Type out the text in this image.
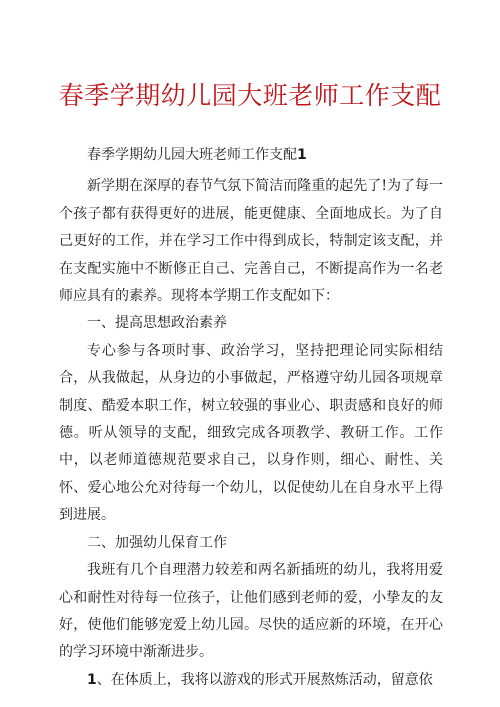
春季学期幼儿园大班老师工作支配

春季学期幼儿园大班老师工作支配1

新学期在深厚的春节气氛下简洁而隆重的起先了!为了每一个孩子都有获得更好的进展，能更健康、全面地成长。为了自己更好的工作，并在学习工作中得到成长，特制定该支配，并在支配实施中不断修正自己、完善自己，不断提高作为一名老师应具有的素养。现将本学期工作支配如下：

一、提高思想政治素养

专心参与各项时事、政治学习，坚持把理论同实际相结合，从我做起，从身边的小事做起，严格遵守幼儿园各项规章制度、酷爱本职工作，树立较强的事业心、职责感和良好的师德。听从领导的支配，细致完成各项教学、教研工作。工作中，以老师道德规范要求自己，以身作则，细心、耐性、关怀、爱心地公允对待每一个幼儿，以促使幼儿在自身水平上得到进展。

二、加强幼儿保育工作

我班有几个自理潜力较差和两名新插班的幼儿，我将用爱心和耐性对待每一位孩子，让他们感到老师的爱，小挚友的友好，使他们能够宠爱上幼儿园。尽快的适应新的环境，在开心的学习环境中渐渐进步。

1、在体质上，我将以游戏的形式开展熬炼活动，留意依
